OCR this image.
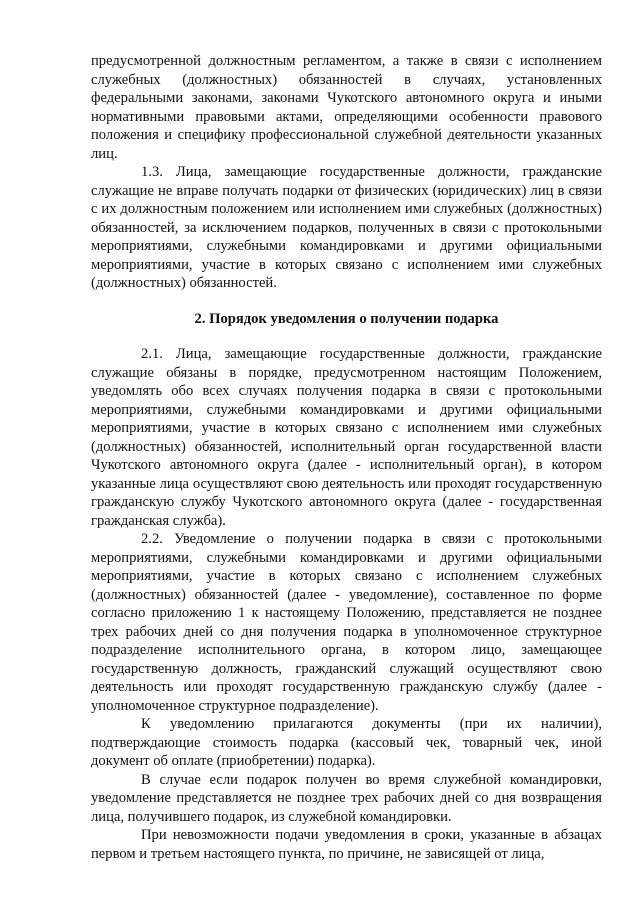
предусмотренной должностным регламентом, а также в связи с исполнением служебных (должностных) обязанностей в случаях, установленных федеральными законами, законами Чукотского автономного округа и иными нормативными правовыми актами, определяющими особенности правового положения и специфику профессиональной служебной деятельности указанных лиц.

1.3. Лица, замещающие государственные должности, гражданские служащие не вправе получать подарки от физических (юридических) лиц в связи с их должностным положением или исполнением ими служебных (должностных) обязанностей, за исключением подарков, полученных в связи с протокольными мероприятиями, служебными командировками и другими официальными мероприятиями, участие в которых связано с исполнением ими служебных (должностных) обязанностей.

2. Порядок уведомления о получении подарка

2.1. Лица, замещающие государственные должности, гражданские служащие обязаны в порядке, предусмотренном настоящим Положением, уведомлять обо всех случаях получения подарка в связи с протокольными мероприятиями, служебными командировками и другими официальными мероприятиями, участие в которых связано с исполнением ими служебных (должностных) обязанностей, исполнительный орган государственной власти Чукотского автономного округа (далее - исполнительный орган), в котором указанные лица осуществляют свою деятельность или проходят государственную гражданскую службу Чукотского автономного округа (далее - государственная гражданская служба).

2.2. Уведомление о получении подарка в связи с протокольными мероприятиями, служебными командировками и другими официальными мероприятиями, участие в которых связано с исполнением служебных (должностных) обязанностей (далее - уведомление), составленное по форме согласно приложению 1 к настоящему Положению, представляется не позднее трех рабочих дней со дня получения подарка в уполномоченное структурное подразделение исполнительного органа, в котором лицо, замещающее государственную должность, гражданский служащий осуществляют свою деятельность или проходят государственную гражданскую службу (далее - уполномоченное структурное подразделение).

К уведомлению прилагаются документы (при их наличии), подтверждающие стоимость подарка (кассовый чек, товарный чек, иной документ об оплате (приобретении) подарка).

В случае если подарок получен во время служебной командировки, уведомление представляется не позднее трех рабочих дней со дня возвращения лица, получившего подарок, из служебной командировки.

При невозможности подачи уведомления в сроки, указанные в абзацах первом и третьем настоящего пункта, по причине, не зависящей от лица,
